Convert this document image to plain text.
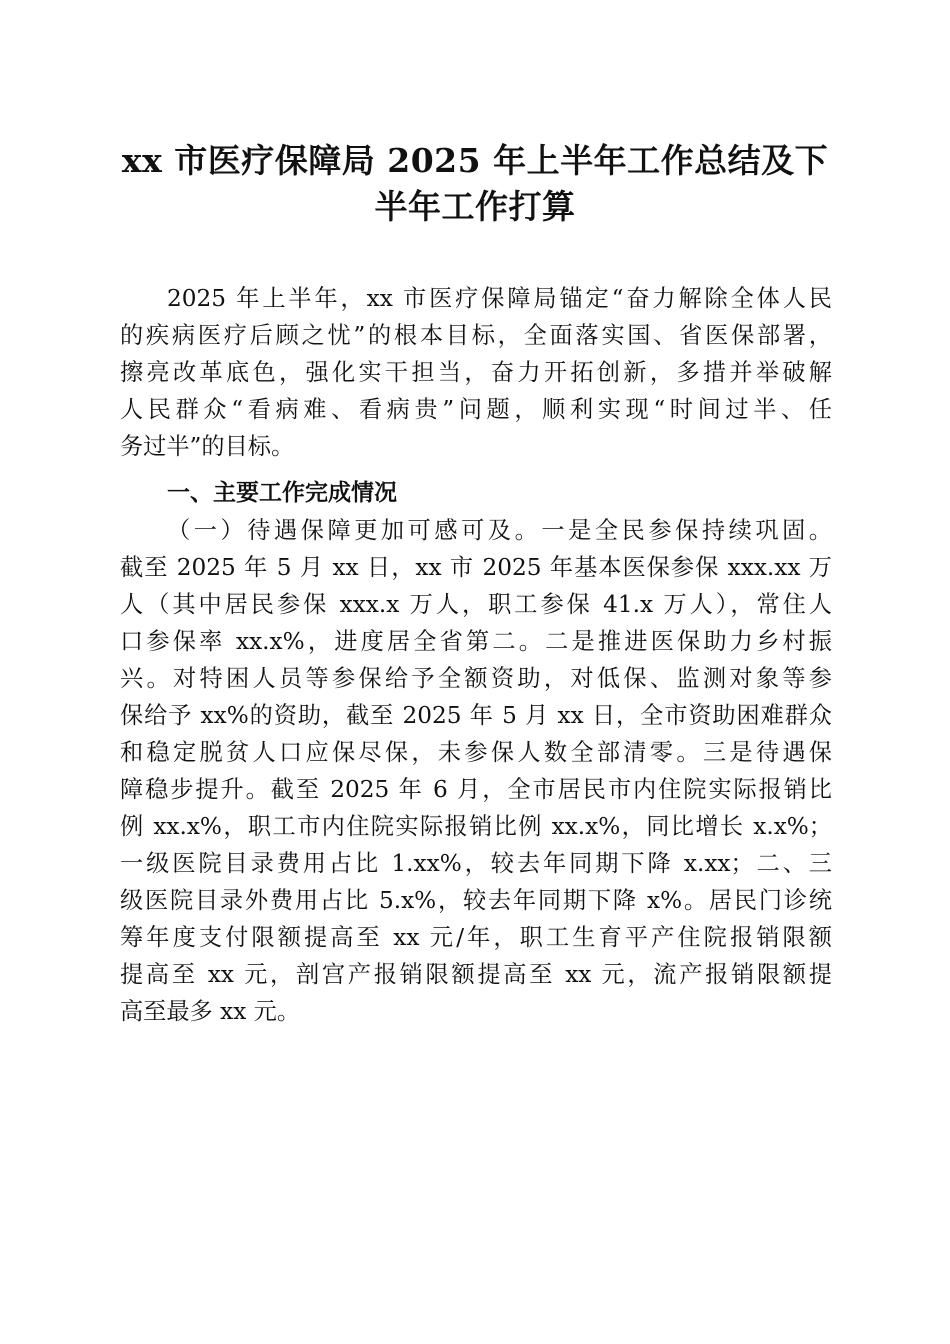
xx 市医疗保障局 2025 年上半年工作总结及下
半年工作打算
2025 年上半年，xx 市医疗保障局锚定“奋力解除全体人民
的疾病医疗后顾之忧”的根本目标，全面落实国、省医保部署，
擦亮改革底色，强化实干担当，奋力开拓创新，多措并举破解
人民群众“看病难、看病贵”问题，顺利实现“时间过半、任
务过半”的目标。
一、主要工作完成情况
（一）待遇保障更加可感可及。一是全民参保持续巩固。
截至 2025 年 5 月 xx 日，xx 市 2025 年基本医保参保 xxx.xx 万
人（其中居民参保 xxx.x 万人，职工参保 41.x 万人），常住人
口参保率 xx.x%，进度居全省第二。二是推进医保助力乡村振
兴。对特困人员等参保给予全额资助，对低保、监测对象等参
保给予 xx%的资助，截至 2025 年 5 月 xx 日，全市资助困难群众
和稳定脱贫人口应保尽保，未参保人数全部清零。三是待遇保
障稳步提升。截至 2025 年 6 月，全市居民市内住院实际报销比
例 xx.x%，职工市内住院实际报销比例 xx.x%，同比增长 x.x%；
一级医院目录费用占比 1.xx%，较去年同期下降 x.xx；二、三
级医院目录外费用占比 5.x%，较去年同期下降 x%。居民门诊统
筹年度支付限额提高至 xx 元/年，职工生育平产住院报销限额
提高至 xx 元，剖宫产报销限额提高至 xx 元，流产报销限额提
高至最多 xx 元。
